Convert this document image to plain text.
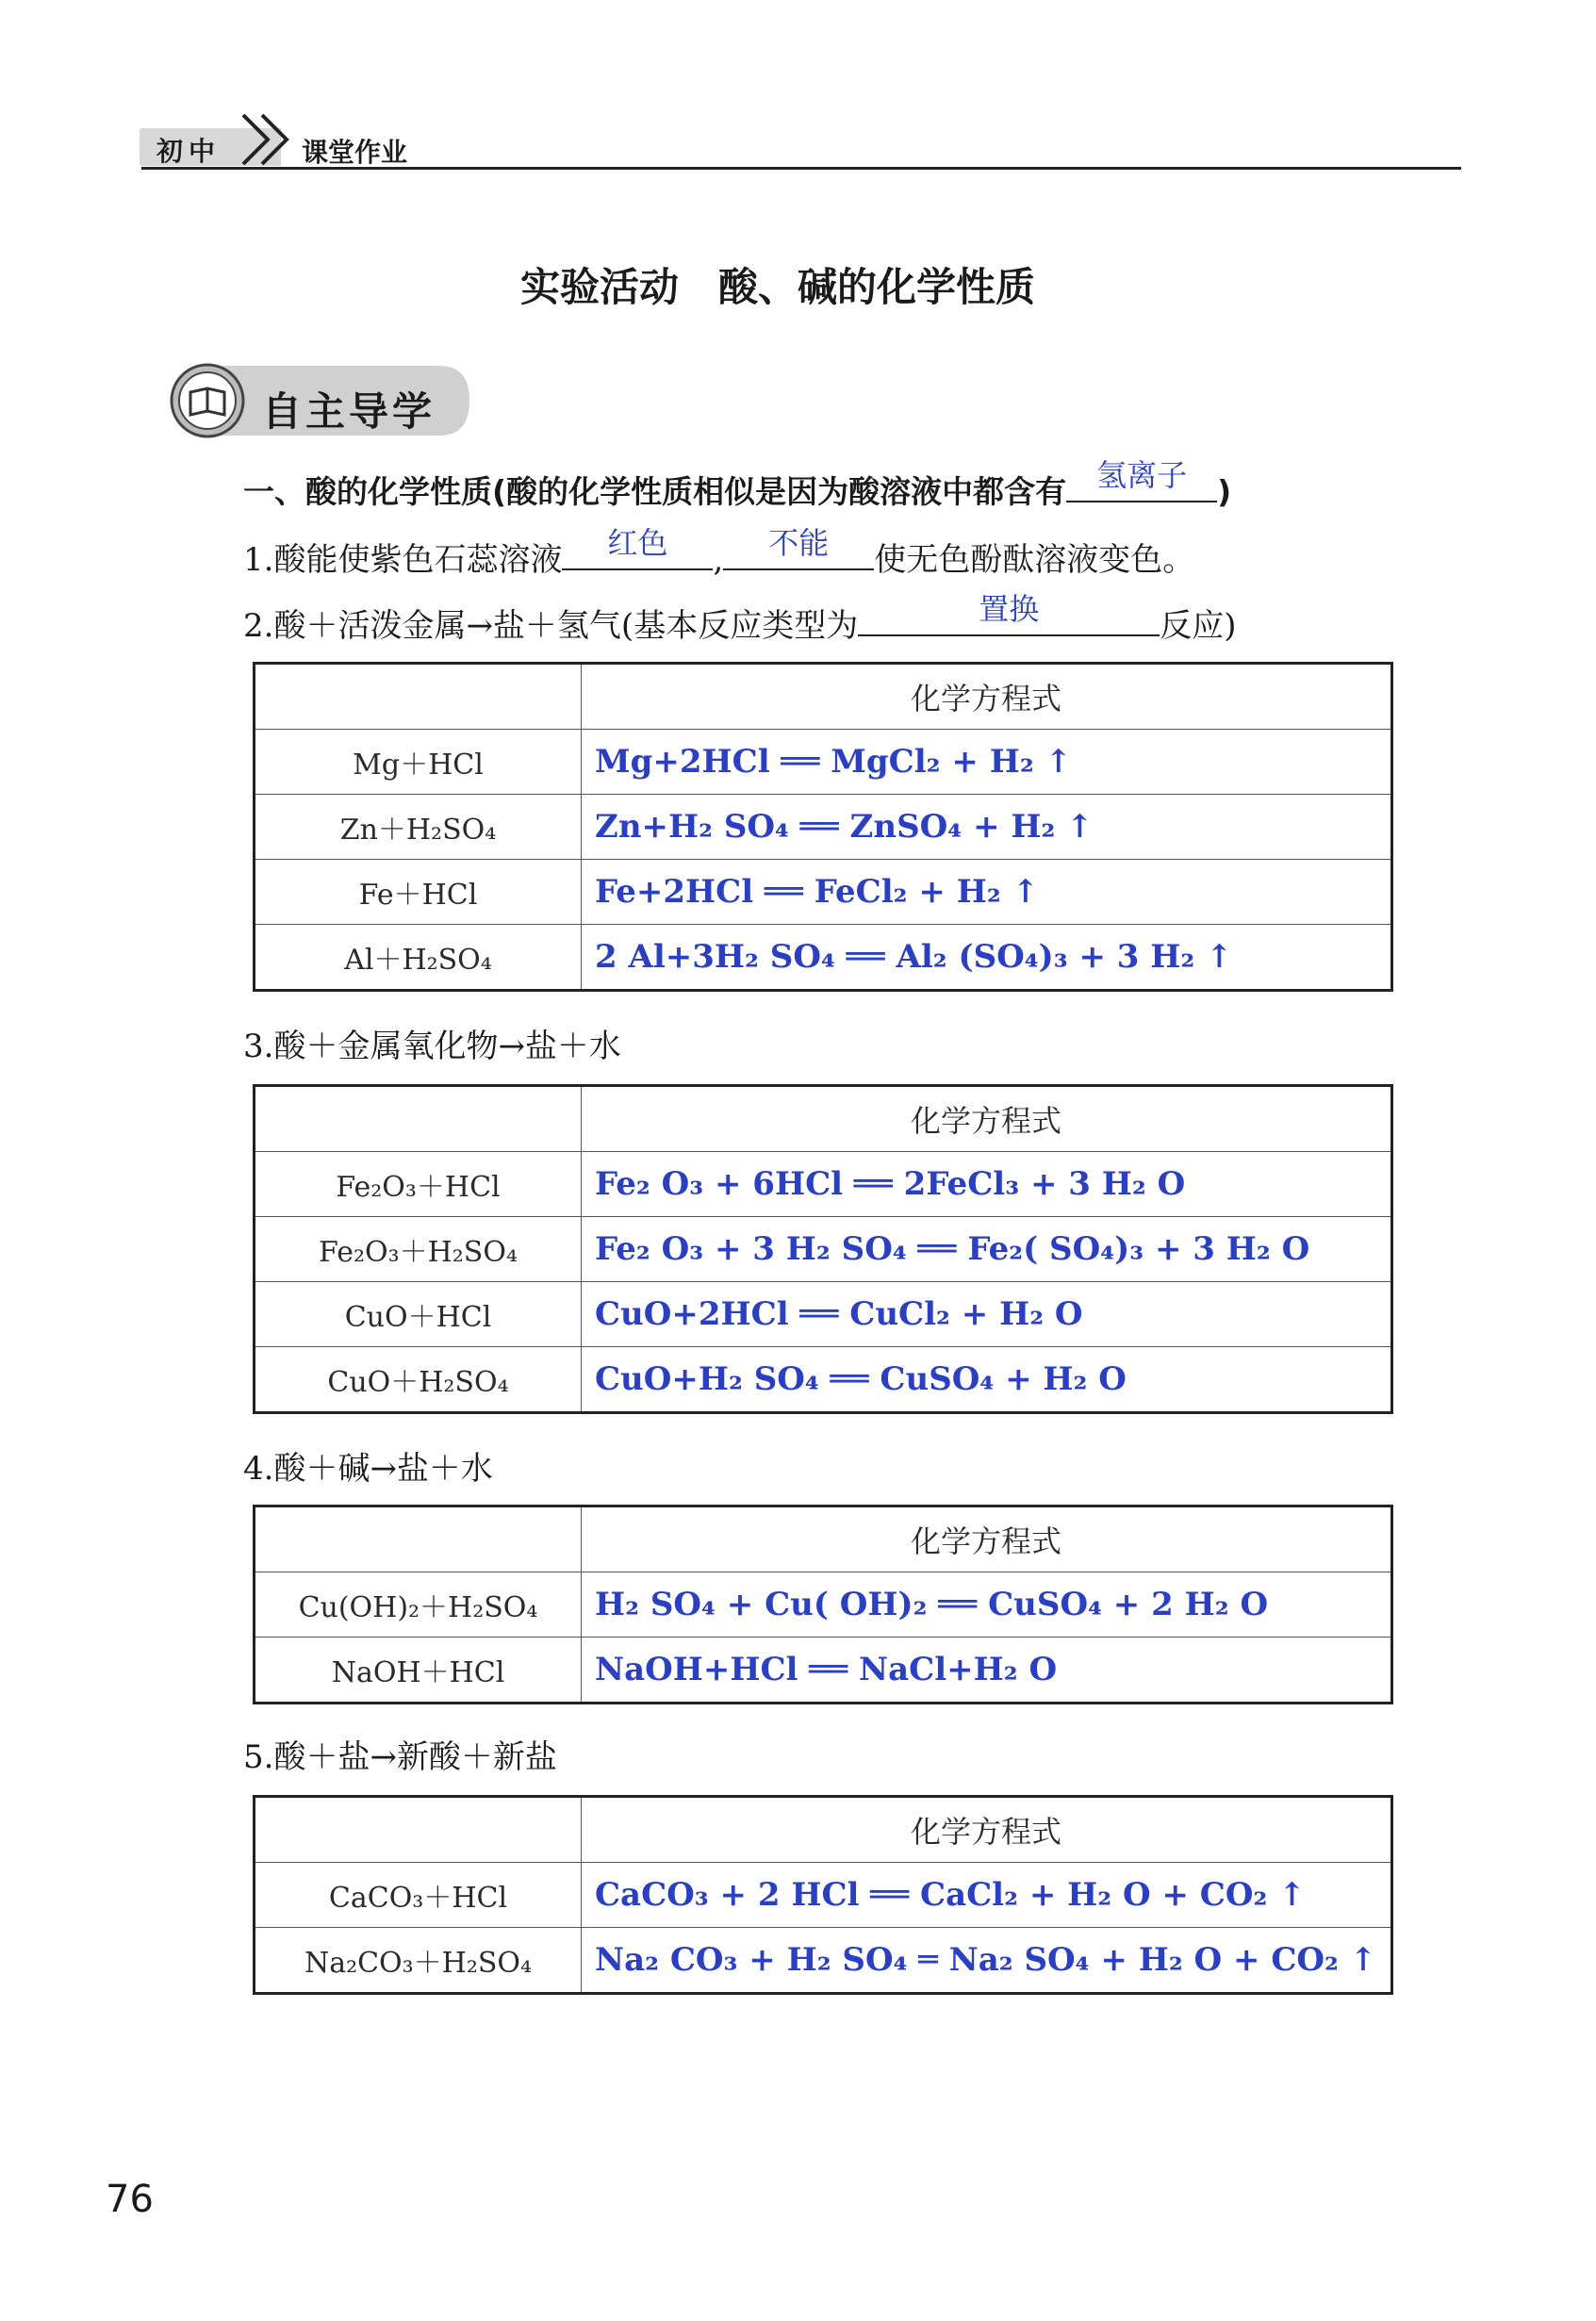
初中	课堂作业
实验活动　酸、碱的化学性质
自主导学
一、酸的化学性质(酸的化学性质相似是因为酸溶液中都含有 氢离子 )
1.酸能使紫色石蕊溶液	红色	,	不能	使无色酚酞溶液变色。
2.酸＋活泼金属→盐＋氢气(基本反应类型为	置换	反应)
	化学方程式
Mg＋HCl	Mg+2HCl ══ MgCl₂ + H₂ ↑
Zn＋H₂SO₄	Zn+H₂ SO₄ ══ ZnSO₄ + H₂ ↑
Fe＋HCl	Fe+2HCl ══ FeCl₂ + H₂ ↑
Al＋H₂SO₄	2 Al+3H₂ SO₄ ══ Al₂ (SO₄)₃ + 3 H₂ ↑
3.酸＋金属氧化物→盐＋水
	化学方程式
Fe₂O₃＋HCl	Fe₂ O₃ + 6HCl ══ 2FeCl₃ + 3 H₂ O
Fe₂O₃＋H₂SO₄	Fe₂ O₃ + 3 H₂ SO₄ ══ Fe₂( SO₄)₃ + 3 H₂ O
CuO＋HCl	CuO+2HCl ══ CuCl₂ + H₂ O
CuO＋H₂SO₄	CuO+H₂ SO₄ ══ CuSO₄ + H₂ O
4.酸＋碱→盐＋水
	化学方程式
Cu(OH)₂＋H₂SO₄	H₂ SO₄ + Cu( OH)₂ ══ CuSO₄ + 2 H₂ O
NaOH＋HCl	NaOH+HCl ══ NaCl+H₂ O
5.酸＋盐→新酸＋新盐
	化学方程式
CaCO₃＋HCl	CaCO₃ + 2 HCl ══ CaCl₂ + H₂ O + CO₂ ↑
Na₂CO₃＋H₂SO₄	Na₂ CO₃ + H₂ SO₄ ═ Na₂ SO₄ + H₂ O + CO₂ ↑
76
